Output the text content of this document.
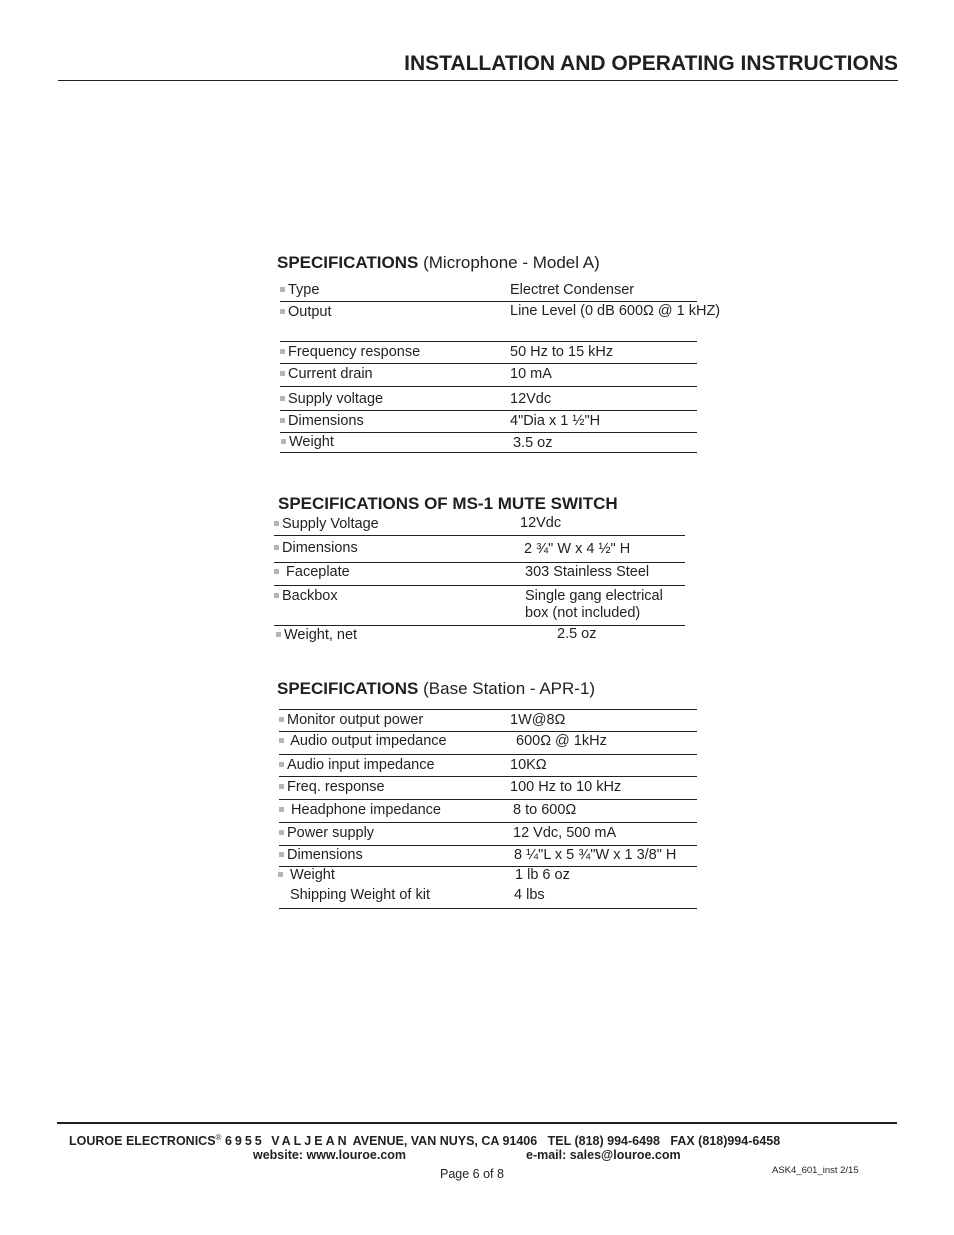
INSTALLATION AND OPERATING INSTRUCTIONS
SPECIFICATIONS (Microphone - Model A)
Type	Electret Condenser
Output	Line Level (0 dB 600Ω @ 1 kHZ)
Frequency response	50 Hz to 15 kHz
Current drain	10 mA
Supply voltage	12Vdc
Dimensions	4"Dia x 1 ½"H
Weight	3.5 oz
SPECIFICATIONS OF MS-1 MUTE SWITCH
Supply Voltage	12Vdc
Dimensions	2 ¾" W x 4 ½" H
Faceplate	303 Stainless Steel
Backbox	Single gang electrical
box (not included)
Weight, net	2.5 oz
SPECIFICATIONS (Base Station - APR-1)
Monitor output power	1W@8Ω
Audio output impedance	600Ω @ 1kHz
Audio input impedance	10KΩ
Freq. response	100 Hz to 10 kHz
Headphone impedance	8 to 600Ω
Power supply	12 Vdc, 500 mA
Dimensions	8 ¼"L x 5 ¾"W x 1 3/8" H
Weight	1 lb 6 oz
Shipping Weight of kit	4 lbs
LOUROE ELECTRONICS® 6955 VALJEAN AVENUE, VAN NUYS, CA 91406 TEL (818) 994-6498 FAX (818)994-6458
website: www.louroe.com	e-mail: sales@louroe.com
Page 6 of 8	ASK4_601_inst 2/15
